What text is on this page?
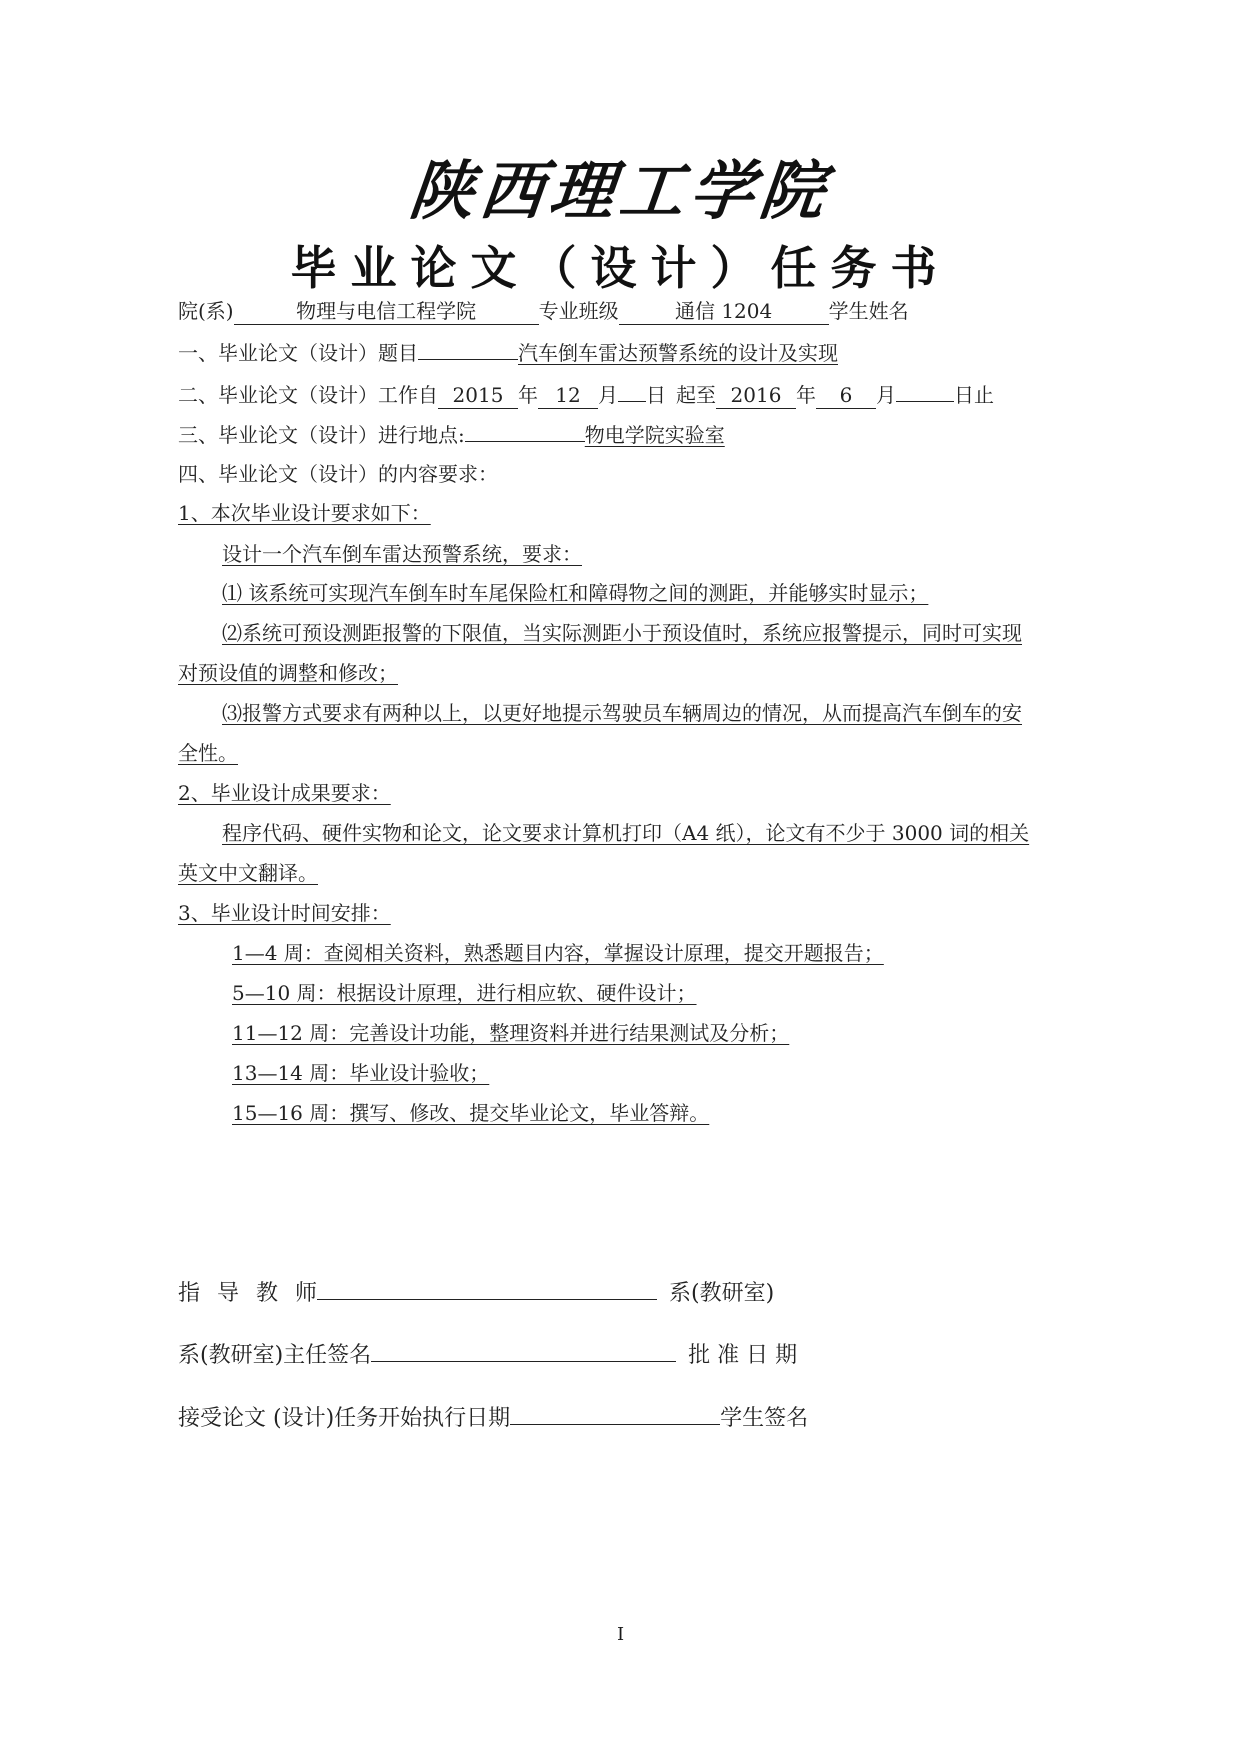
陕西理工学院
毕业论文（设计）任务书
院(系)	物理与电信工程学院	专业班级	通信 1204	学生姓名
一、毕业论文（设计）题目	汽车倒车雷达预警系统的设计及实现
二、毕业论文（设计）工作自 2015 年 12 月 日 起至 2016 年 6 月	日止
三、毕业论文（设计）进行地点:	物电学院实验室
四、毕业论文（设计）的内容要求：
1、本次毕业设计要求如下：
设计一个汽车倒车雷达预警系统，要求：
⑴ 该系统可实现汽车倒车时车尾保险杠和障碍物之间的测距，并能够实时显示；
⑵系统可预设测距报警的下限值，当实际测距小于预设值时，系统应报警提示，同时可实现
对预设值的调整和修改；
⑶报警方式要求有两种以上，以更好地提示驾驶员车辆周边的情况，从而提高汽车倒车的安
全性。
2、毕业设计成果要求：
程序代码、硬件实物和论文，论文要求计算机打印（A4 纸），论文有不少于 3000 词的相关
英文中文翻译。
3、毕业设计时间安排：
1—4 周：查阅相关资料，熟悉题目内容，掌握设计原理，提交开题报告；
5—10 周：根据设计原理，进行相应软、硬件设计；
11—12 周：完善设计功能，整理资料并进行结果测试及分析；
13—14 周：毕业设计验收；
15—16 周：撰写、修改、提交毕业论文，毕业答辩。
指 导 教 师	系(教研室)
系(教研室)主任签名	批 准 日 期
接受论文 (设计)任务开始执行日期	学生签名
I
